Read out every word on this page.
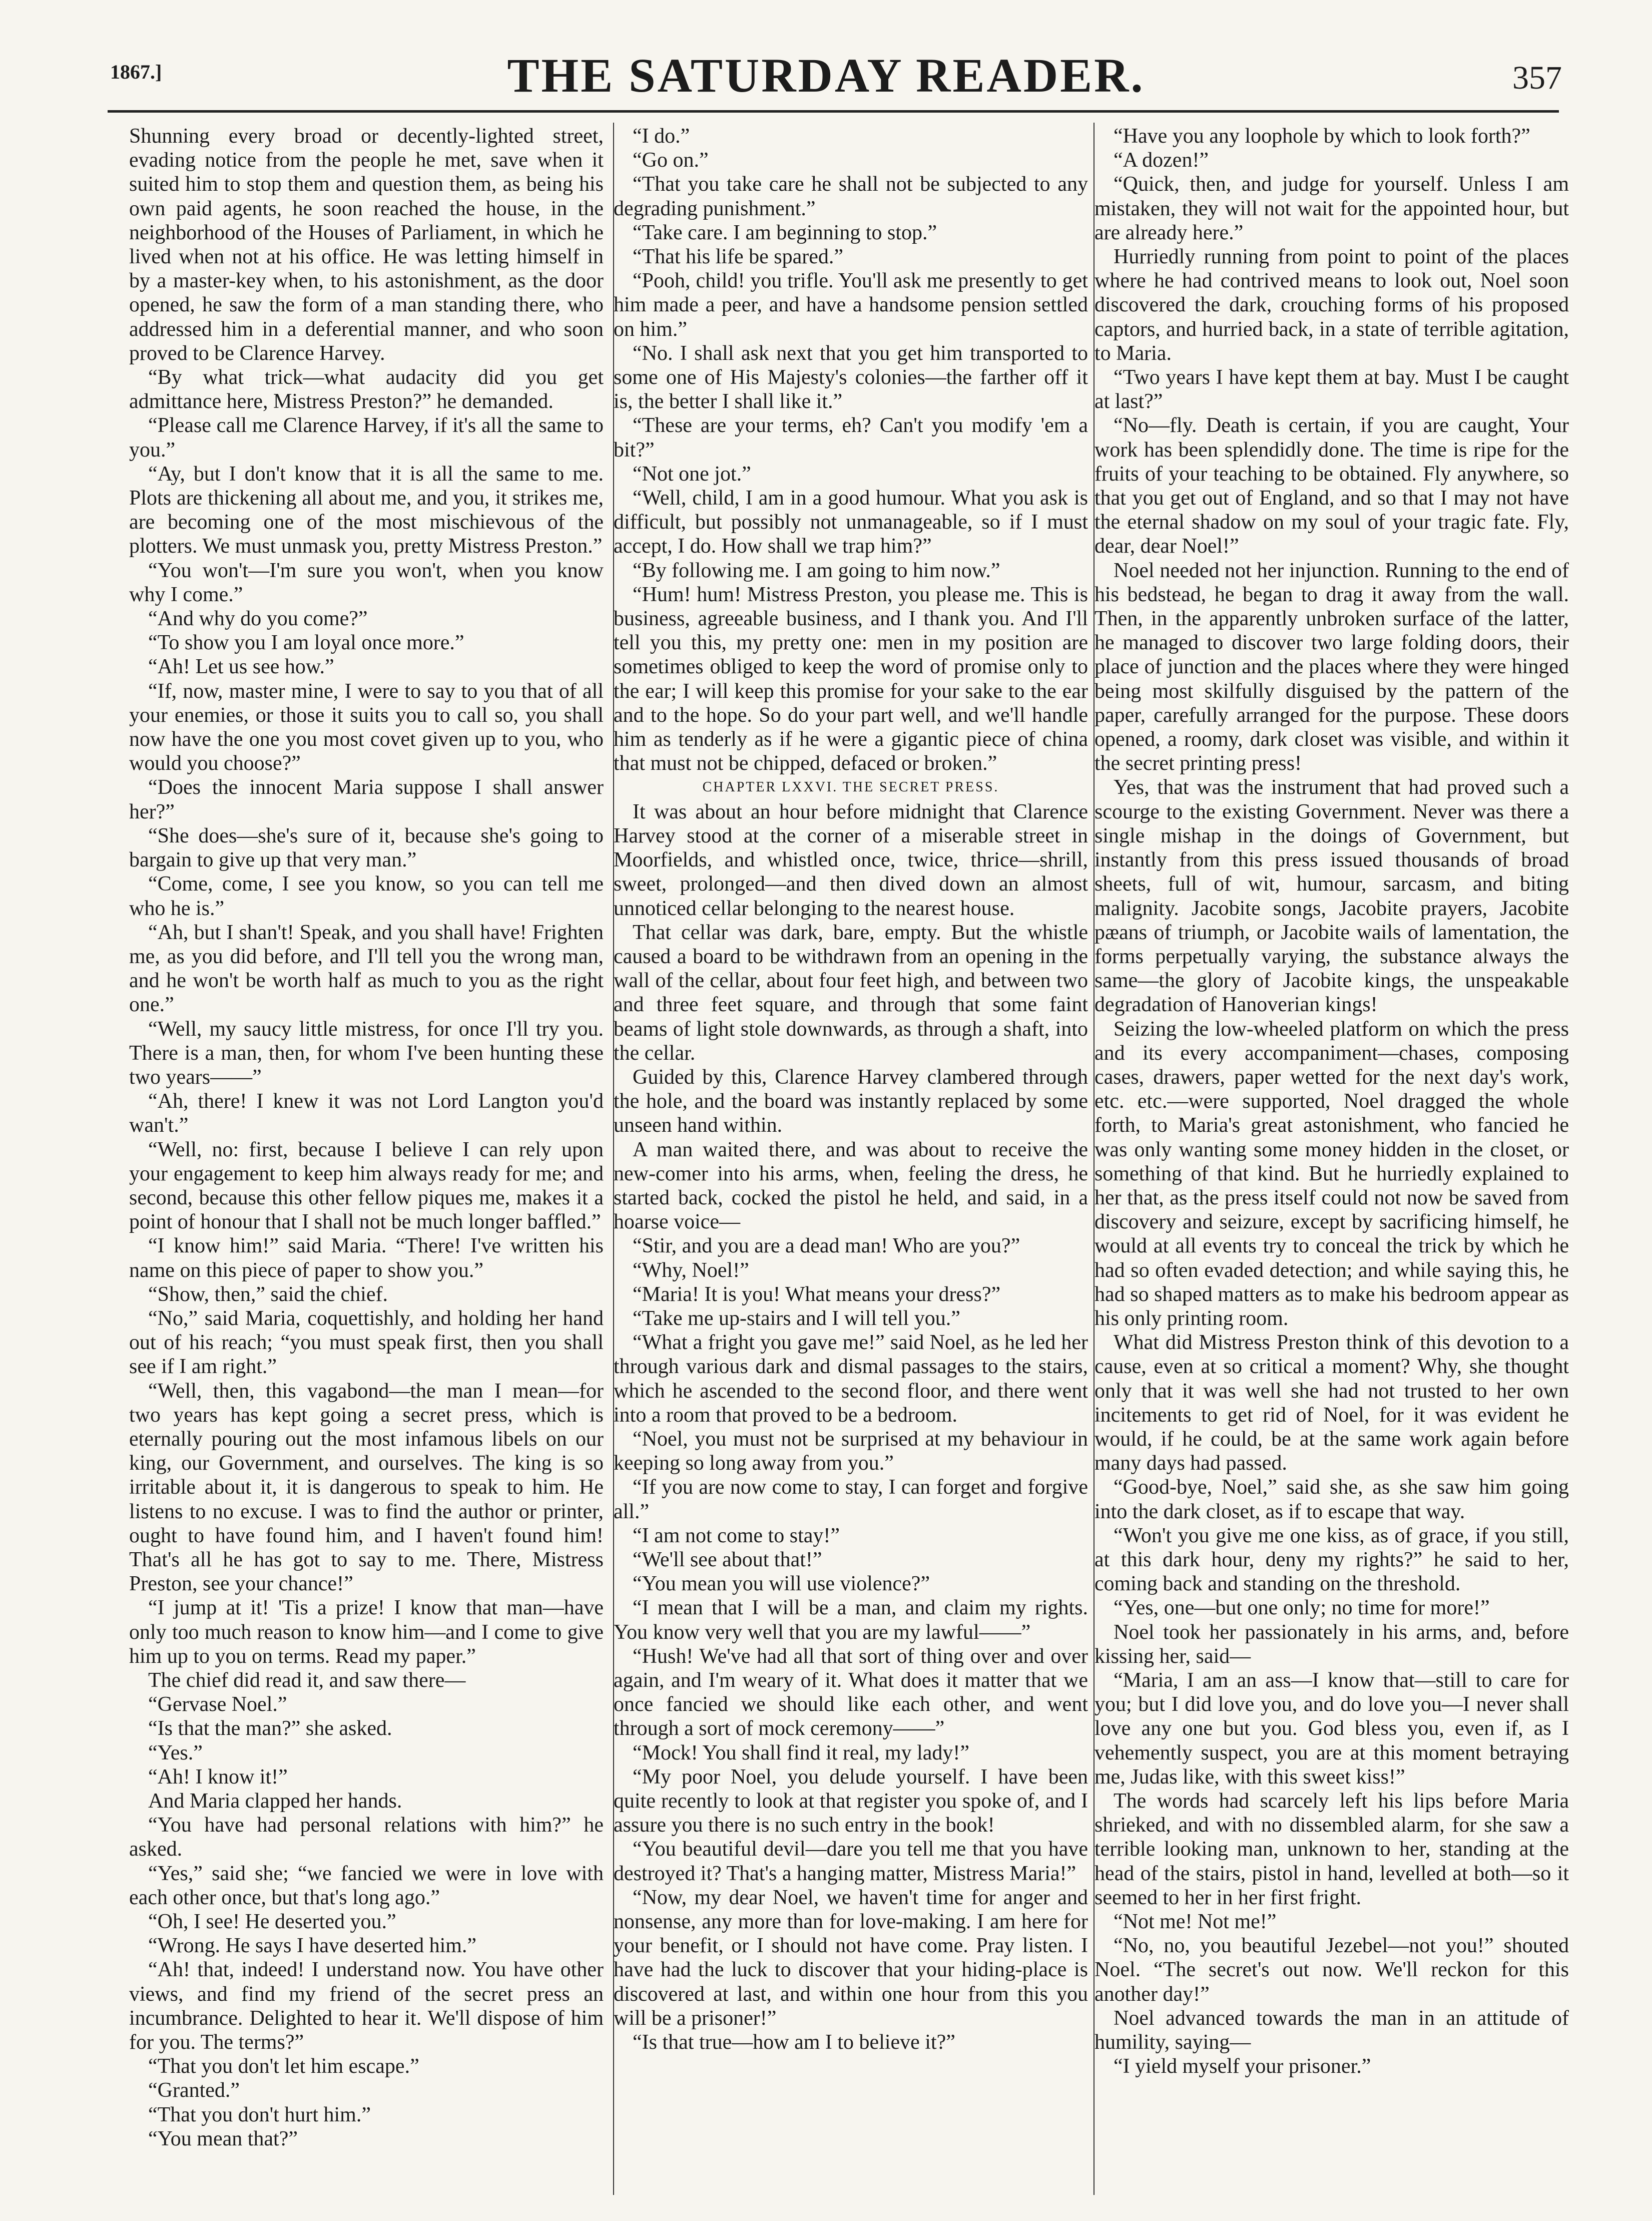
1867.]	THE SATURDAY READER.	357

Shunning every broad or decently-lighted street, evading notice from the people he met, save when it suited him to stop them and question them, as being his own paid agents, he soon reached the house, in the neighborhood of the Houses of Parliament, in which he lived when not at his office. He was letting himself in by a master-key when, to his astonishment, as the door opened, he saw the form of a man standing there, who addressed him in a deferential manner, and who soon proved to be Clarence Harvey.

“By what trick—what audacity did you get admittance here, Mistress Preston?” he demanded.

“Please call me Clarence Harvey, if it's all the same to you.”

“Ay, but I don't know that it is all the same to me. Plots are thickening all about me, and you, it strikes me, are becoming one of the most mischievous of the plotters. We must unmask you, pretty Mistress Preston.”

“You won't—I'm sure you won't, when you know why I come.”

“And why do you come?”

“To show you I am loyal once more.”

“Ah! Let us see how.”

“If, now, master mine, I were to say to you that of all your enemies, or those it suits you to call so, you shall now have the one you most covet given up to you, who would you choose?”

“Does the innocent Maria suppose I shall answer her?”

“She does—she's sure of it, because she's going to bargain to give up that very man.”

“Come, come, I see you know, so you can tell me who he is.”

“Ah, but I shan't! Speak, and you shall have! Frighten me, as you did before, and I'll tell you the wrong man, and he won't be worth half as much to you as the right one.”

“Well, my saucy little mistress, for once I'll try you. There is a man, then, for whom I've been hunting these two years——”

“Ah, there! I knew it was not Lord Langton you'd wan't.”

“Well, no: first, because I believe I can rely upon your engagement to keep him always ready for me; and second, because this other fellow piques me, makes it a point of honour that I shall not be much longer baffled.”

“I know him!” said Maria. “There! I've written his name on this piece of paper to show you.”

“Show, then,” said the chief.

“No,” said Maria, coquettishly, and holding her hand out of his reach; “you must speak first, then you shall see if I am right.”

“Well, then, this vagabond—the man I mean—for two years has kept going a secret press, which is eternally pouring out the most infamous libels on our king, our Government, and ourselves. The king is so irritable about it, it is dangerous to speak to him. He listens to no excuse. I was to find the author or printer, ought to have found him, and I haven't found him! That's all he has got to say to me. There, Mistress Preston, see your chance!”

“I jump at it! 'Tis a prize! I know that man—have only too much reason to know him—and I come to give him up to you on terms. Read my paper.”

The chief did read it, and saw there—

“Gervase Noel.”

“Is that the man?” she asked.

“Yes.”

“Ah! I know it!”

And Maria clapped her hands.

“You have had personal relations with him?” he asked.

“Yes,” said she; “we fancied we were in love with each other once, but that's long ago.”

“Oh, I see! He deserted you.”

“Wrong. He says I have deserted him.”

“Ah! that, indeed! I understand now. You have other views, and find my friend of the secret press an incumbrance. Delighted to hear it. We'll dispose of him for you. The terms?”

“That you don't let him escape.”

“Granted.”

“That you don't hurt him.”

“You mean that?”

“I do.”

“Go on.”

“That you take care he shall not be subjected to any degrading punishment.”

“Take care. I am beginning to stop.”

“That his life be spared.”

“Pooh, child! you trifle. You'll ask me presently to get him made a peer, and have a handsome pension settled on him.”

“No. I shall ask next that you get him transported to some one of His Majesty's colonies—the farther off it is, the better I shall like it.”

“These are your terms, eh? Can't you modify 'em a bit?”

“Not one jot.”

“Well, child, I am in a good humour. What you ask is difficult, but possibly not unmanageable, so if I must accept, I do. How shall we trap him?”

“By following me. I am going to him now.”

“Hum! hum! Mistress Preston, you please me. This is business, agreeable business, and I thank you. And I'll tell you this, my pretty one: men in my position are sometimes obliged to keep the word of promise only to the ear; I will keep this promise for your sake to the ear and to the hope. So do your part well, and we'll handle him as tenderly as if he were a gigantic piece of china that must not be chipped, defaced or broken.”

CHAPTER LXXVI. THE SECRET PRESS.

It was about an hour before midnight that Clarence Harvey stood at the corner of a miserable street in Moorfields, and whistled once, twice, thrice—shrill, sweet, prolonged—and then dived down an almost unnoticed cellar belonging to the nearest house.

That cellar was dark, bare, empty. But the whistle caused a board to be withdrawn from an opening in the wall of the cellar, about four feet high, and between two and three feet square, and through that some faint beams of light stole downwards, as through a shaft, into the cellar.

Guided by this, Clarence Harvey clambered through the hole, and the board was instantly replaced by some unseen hand within.

A man waited there, and was about to receive the new-comer into his arms, when, feeling the dress, he started back, cocked the pistol he held, and said, in a hoarse voice—

“Stir, and you are a dead man! Who are you?”

“Why, Noel!”

“Maria! It is you! What means your dress?”

“Take me up-stairs and I will tell you.”

“What a fright you gave me!” said Noel, as he led her through various dark and dismal passages to the stairs, which he ascended to the second floor, and there went into a room that proved to be a bedroom.

“Noel, you must not be surprised at my behaviour in keeping so long away from you.”

“If you are now come to stay, I can forget and forgive all.”

“I am not come to stay!”

“We'll see about that!”

“You mean you will use violence?”

“I mean that I will be a man, and claim my rights. You know very well that you are my lawful——”

“Hush! We've had all that sort of thing over and over again, and I'm weary of it. What does it matter that we once fancied we should like each other, and went through a sort of mock ceremony——”

“Mock! You shall find it real, my lady!”

“My poor Noel, you delude yourself. I have been quite recently to look at that register you spoke of, and I assure you there is no such entry in the book!

“You beautiful devil—dare you tell me that you have destroyed it? That's a hanging matter, Mistress Maria!”

“Now, my dear Noel, we haven't time for anger and nonsense, any more than for love-making. I am here for your benefit, or I should not have come. Pray listen. I have had the luck to discover that your hiding-place is discovered at last, and within one hour from this you will be a prisoner!”

“Is that true—how am I to believe it?”

“Have you any loophole by which to look forth?”

“A dozen!”

“Quick, then, and judge for yourself. Unless I am mistaken, they will not wait for the appointed hour, but are already here.”

Hurriedly running from point to point of the places where he had contrived means to look out, Noel soon discovered the dark, crouching forms of his proposed captors, and hurried back, in a state of terrible agitation, to Maria.

“Two years I have kept them at bay. Must I be caught at last?”

“No—fly. Death is certain, if you are caught, Your work has been splendidly done. The time is ripe for the fruits of your teaching to be obtained. Fly anywhere, so that you get out of England, and so that I may not have the eternal shadow on my soul of your tragic fate. Fly, dear, dear Noel!”

Noel needed not her injunction. Running to the end of his bedstead, he began to drag it away from the wall. Then, in the apparently unbroken surface of the latter, he managed to discover two large folding doors, their place of junction and the places where they were hinged being most skilfully disguised by the pattern of the paper, carefully arranged for the purpose. These doors opened, a roomy, dark closet was visible, and within it the secret printing press!

Yes, that was the instrument that had proved such a scourge to the existing Government. Never was there a single mishap in the doings of Government, but instantly from this press issued thousands of broad sheets, full of wit, humour, sarcasm, and biting malignity. Jacobite songs, Jacobite prayers, Jacobite pæans of triumph, or Jacobite wails of lamentation, the forms perpetually varying, the substance always the same—the glory of Jacobite kings, the unspeakable degradation of Hanoverian kings!

Seizing the low-wheeled platform on which the press and its every accompaniment—chases, composing cases, drawers, paper wetted for the next day's work, etc. etc.—were supported, Noel dragged the whole forth, to Maria's great astonishment, who fancied he was only wanting some money hidden in the closet, or something of that kind. But he hurriedly explained to her that, as the press itself could not now be saved from discovery and seizure, except by sacrificing himself, he would at all events try to conceal the trick by which he had so often evaded detection; and while saying this, he had so shaped matters as to make his bedroom appear as his only printing room.

What did Mistress Preston think of this devotion to a cause, even at so critical a moment? Why, she thought only that it was well she had not trusted to her own incitements to get rid of Noel, for it was evident he would, if he could, be at the same work again before many days had passed.

“Good-bye, Noel,” said she, as she saw him going into the dark closet, as if to escape that way.

“Won't you give me one kiss, as of grace, if you still, at this dark hour, deny my rights?” he said to her, coming back and standing on the threshold.

“Yes, one—but one only; no time for more!”

Noel took her passionately in his arms, and, before kissing her, said—

“Maria, I am an ass—I know that—still to care for you; but I did love you, and do love you—I never shall love any one but you. God bless you, even if, as I vehemently suspect, you are at this moment betraying me, Judas like, with this sweet kiss!”

The words had scarcely left his lips before Maria shrieked, and with no dissembled alarm, for she saw a terrible looking man, unknown to her, standing at the head of the stairs, pistol in hand, levelled at both—so it seemed to her in her first fright.

“Not me! Not me!”

“No, no, you beautiful Jezebel—not you!” shouted Noel. “The secret's out now. We'll reckon for this another day!”

Noel advanced towards the man in an attitude of humility, saying—

“I yield myself your prisoner.”
